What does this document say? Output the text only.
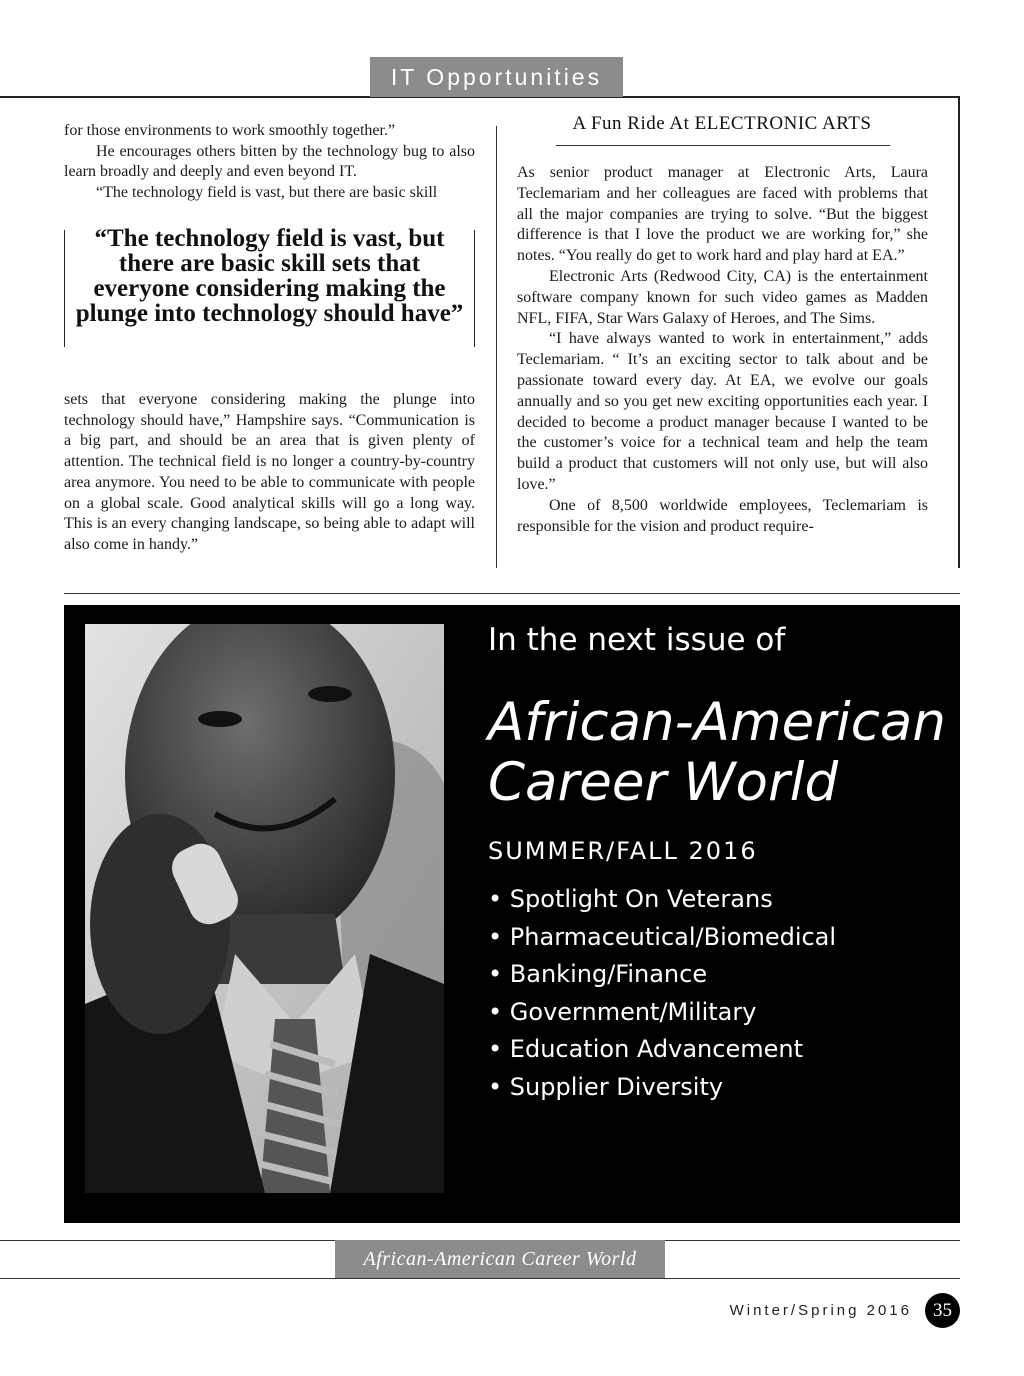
IT Opportunities

for those environments to work smoothly together.”

He encourages others bitten by the technology bug to also learn broadly and deeply and even beyond IT.

“The technology field is vast, but there are basic skill

“The technology field is vast, but there are basic skill sets that everyone considering making the plunge into technology should have”

sets that everyone considering making the plunge into technology should have,” Hampshire says. “Communication is a big part, and should be an area that is given plenty of attention. The technical field is no longer a country-by-country area anymore. You need to be able to communicate with people on a global scale. Good analytical skills will go a long way. This is an every changing landscape, so being able to adapt will also come in handy.”

A Fun Ride At ELECTRONIC ARTS

As senior product manager at Electronic Arts, Laura Teclemariam and her colleagues are faced with problems that all the major companies are trying to solve. “But the biggest difference is that I love the product we are working for,” she notes. “You really do get to work hard and play hard at EA.”

Electronic Arts (Redwood City, CA) is the entertainment software company known for such video games as Madden NFL, FIFA, Star Wars Galaxy of Heroes, and The Sims.

“I have always wanted to work in entertainment,” adds Teclemariam. “ It’s an exciting sector to talk about and be passionate toward every day. At EA, we evolve our goals annually and so you get new exciting opportunities each year. I decided to become a product manager because I wanted to be the customer’s voice for a technical team and help the team build a product that customers will not only use, but will also love.”

One of 8,500 worldwide employees, Teclemariam is responsible for the vision and product require-

In the next issue of
African-American
Career World
SUMMER/FALL 2016
• Spotlight On Veterans
• Pharmaceutical/Biomedical
• Banking/Finance
• Government/Military
• Education Advancement
• Supplier Diversity
African-American Career World
Winter/Spring 2016	35
